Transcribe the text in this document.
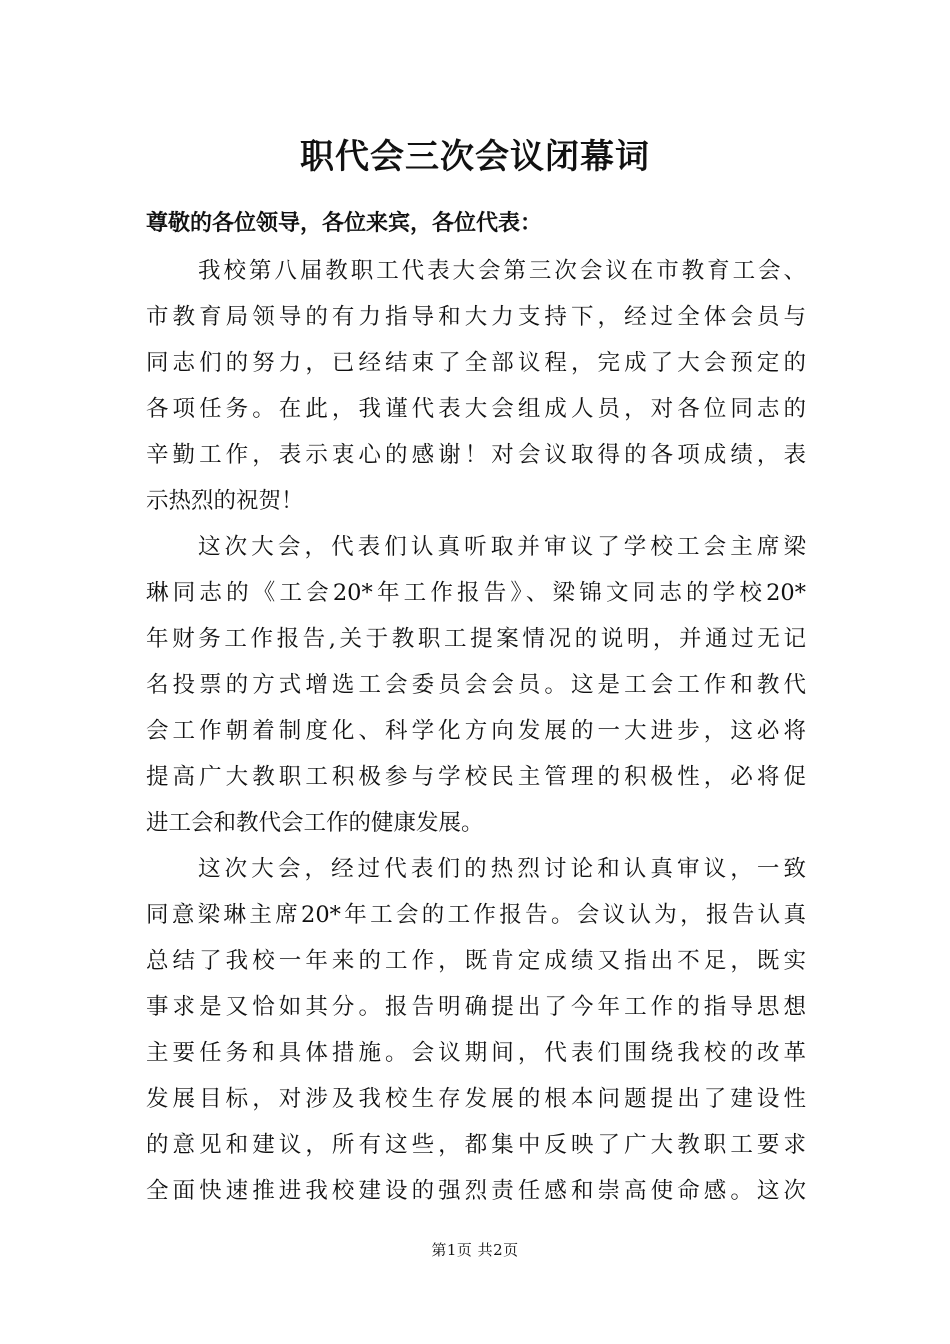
职代会三次会议闭幕词
尊敬的各位领导，各位来宾，各位代表：
我校第八届教职工代表大会第三次会议在市教育工会、
市教育局领导的有力指导和大力支持下，经过全体会员与
同志们的努力，已经结束了全部议程，完成了大会预定的
各项任务。在此，我谨代表大会组成人员，对各位同志的
辛勤工作，表示衷心的感谢！对会议取得的各项成绩，表
示热烈的祝贺！
这次大会，代表们认真听取并审议了学校工会主席梁
琳同志的《工会20*年工作报告》、梁锦文同志的学校20*
年财务工作报告,关于教职工提案情况的说明，并通过无记
名投票的方式增选工会委员会会员。这是工会工作和教代
会工作朝着制度化、科学化方向发展的一大进步，这必将
提高广大教职工积极参与学校民主管理的积极性，必将促
进工会和教代会工作的健康发展。
这次大会，经过代表们的热烈讨论和认真审议，一致
同意梁琳主席20*年工会的工作报告。会议认为，报告认真
总结了我校一年来的工作，既肯定成绩又指出不足，既实
事求是又恰如其分。报告明确提出了今年工作的指导思想
主要任务和具体措施。会议期间，代表们围绕我校的改革
发展目标，对涉及我校生存发展的根本问题提出了建设性
的意见和建议，所有这些，都集中反映了广大教职工要求
全面快速推进我校建设的强烈责任感和崇高使命感。这次
第1页 共2页
